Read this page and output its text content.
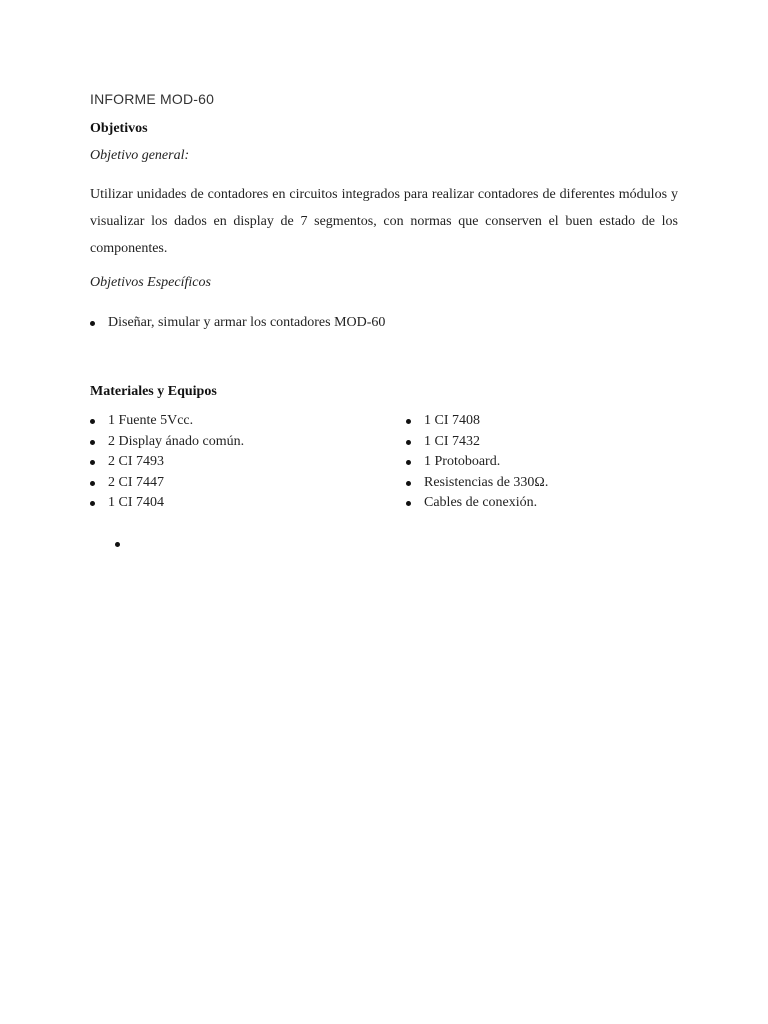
INFORME MOD-60
Objetivos
Objetivo general:
Utilizar unidades de contadores en circuitos integrados para realizar contadores de diferentes módulos y visualizar los dados en display de 7 segmentos, con normas que conserven el buen estado de los componentes.
Objetivos Específicos
Diseñar, simular y armar los contadores MOD-60
Materiales y Equipos
1 Fuente 5Vcc.
2 Display ánado común.
2 CI 7493
2 CI 7447
1 CI 7404
1 CI 7408
1 CI 7432
1 Protoboard.
Resistencias de 330Ω.
Cables de conexión.
